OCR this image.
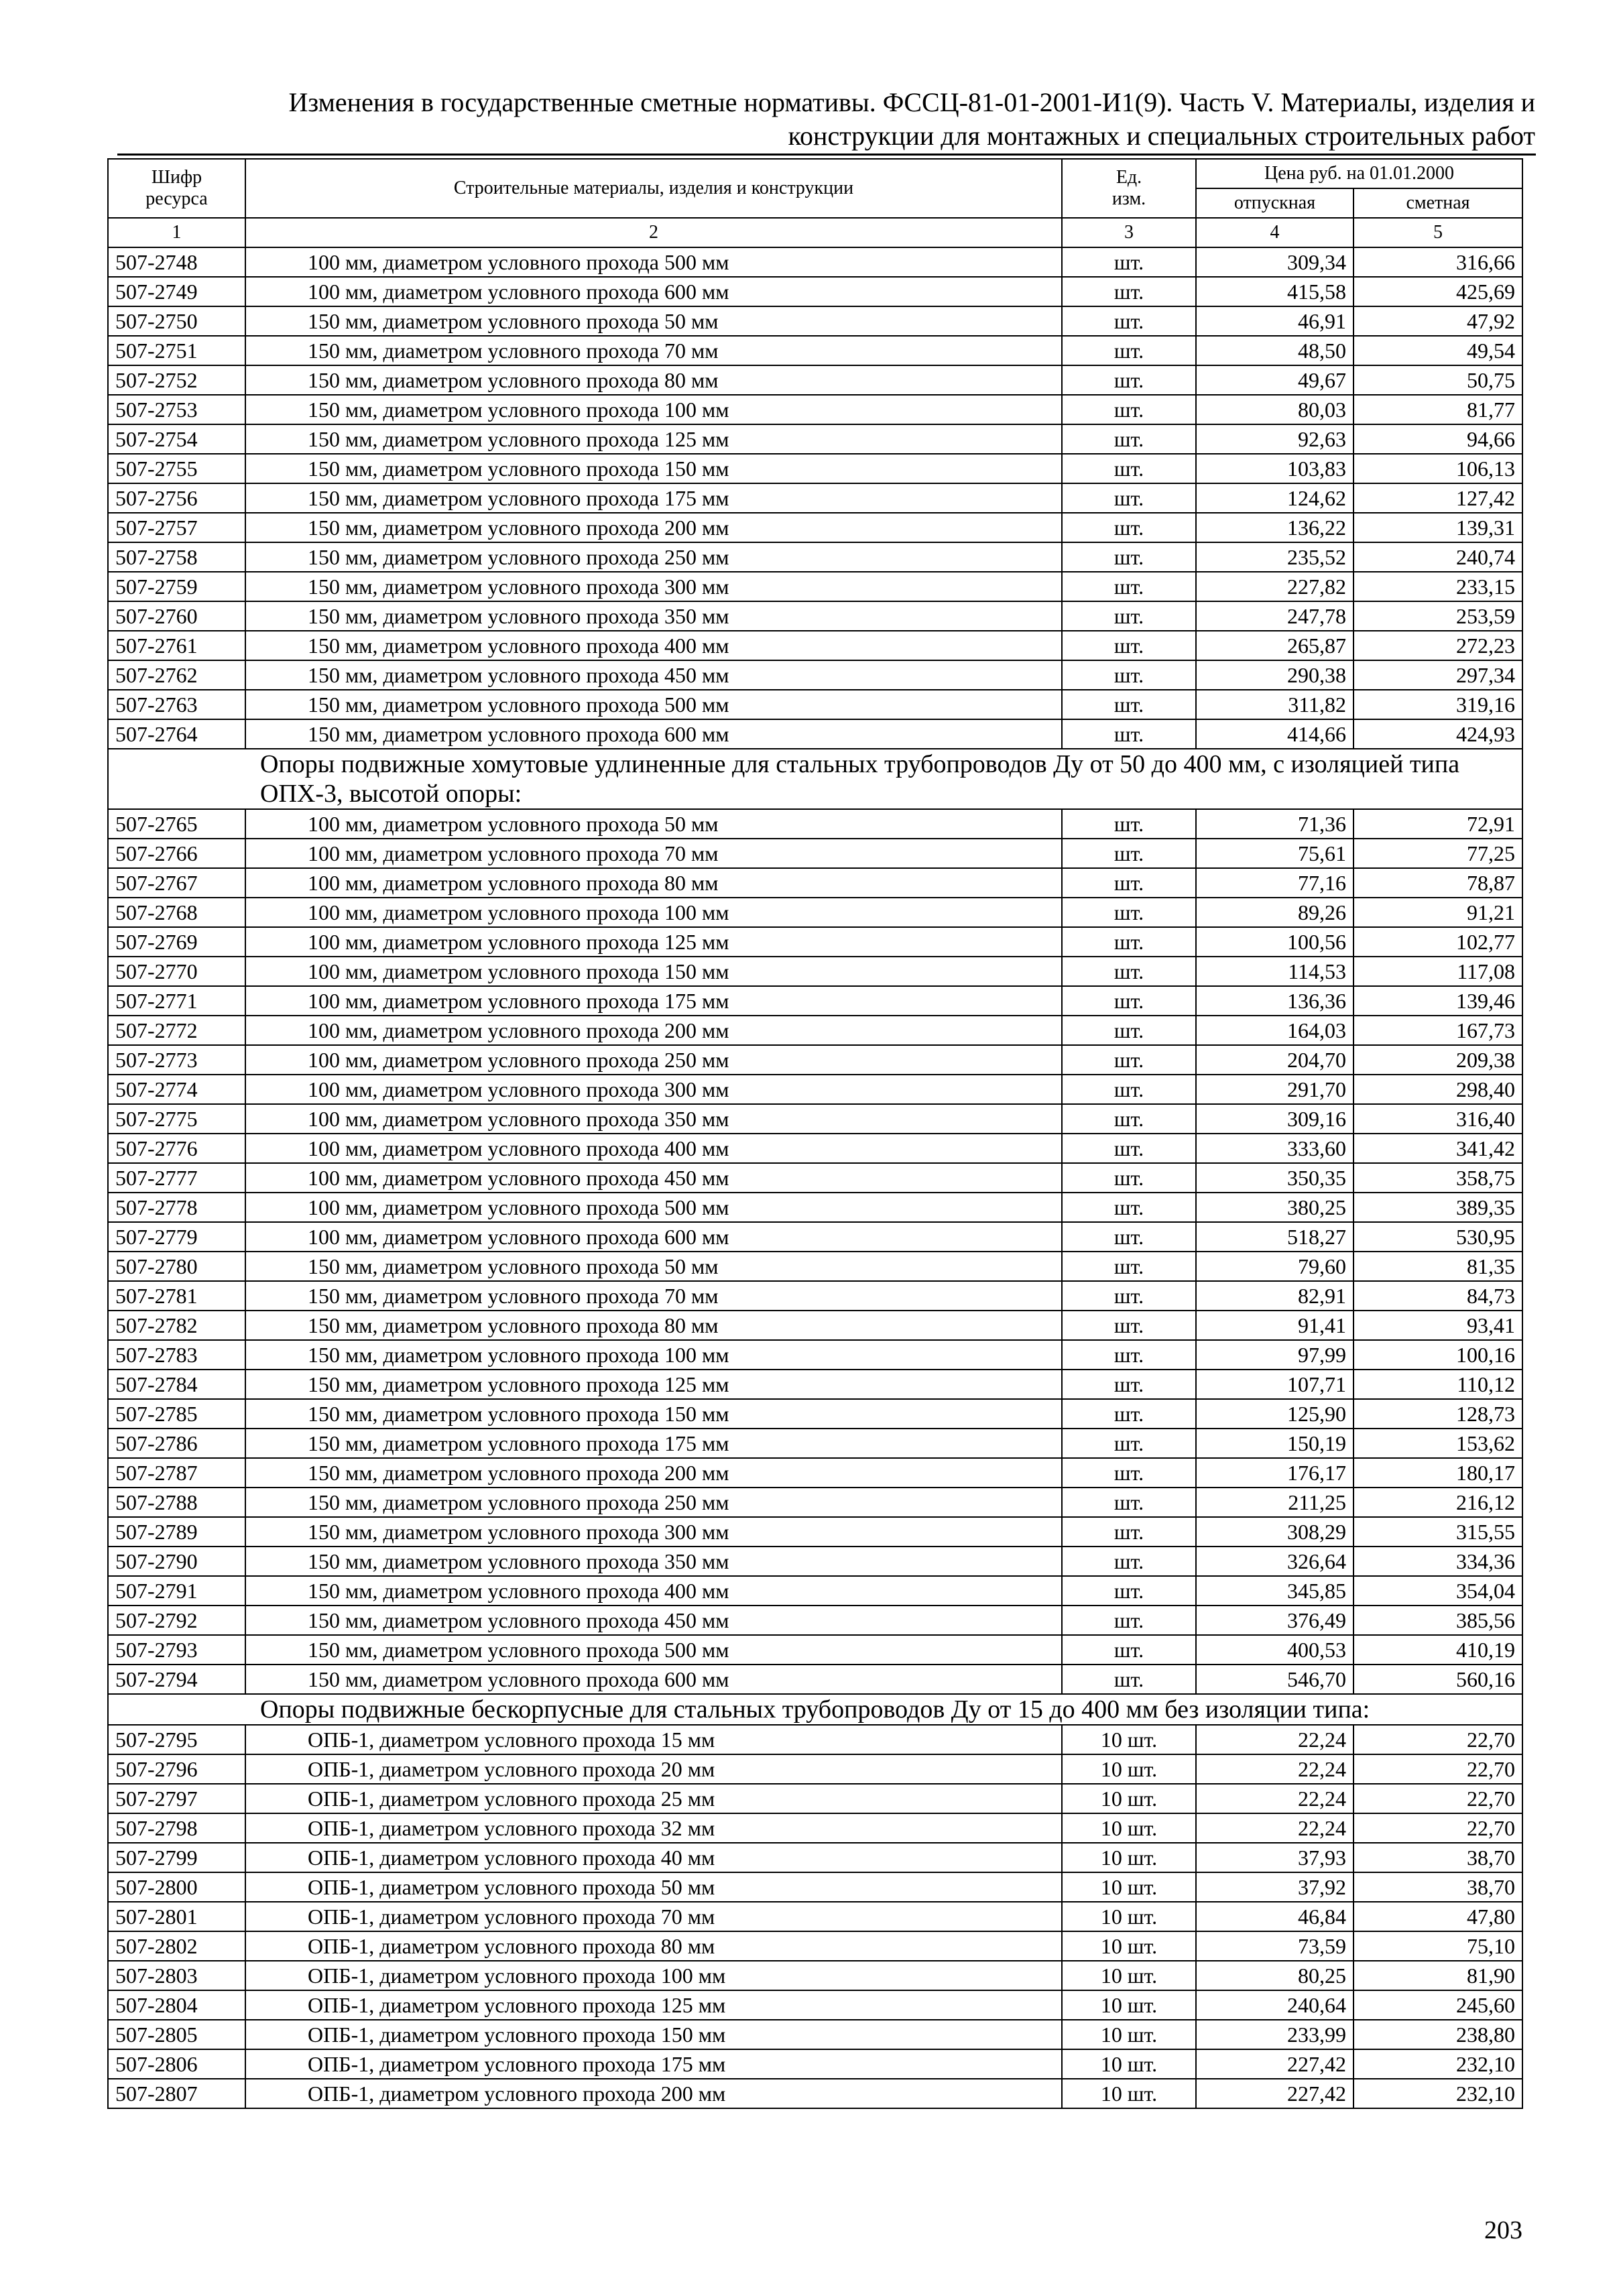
Изменения в государственные сметные нормативы. ФССЦ-81-01-2001-И1(9). Часть V. Материалы, изделия и
конструкции для монтажных и специальных строительных работ
Шифр ресурса	Строительные материалы, изделия и конструкции	Ед. изм.	Цена руб. на 01.01.2000	
			отпускная	сметная
1	2	3	4	5
507-2748	100 мм, диаметром условного прохода 500 мм	шт.	309,34	316,66
507-2749	100 мм, диаметром условного прохода 600 мм	шт.	415,58	425,69
507-2750	150 мм, диаметром условного прохода 50 мм	шт.	46,91	47,92
507-2751	150 мм, диаметром условного прохода 70 мм	шт.	48,50	49,54
507-2752	150 мм, диаметром условного прохода 80 мм	шт.	49,67	50,75
507-2753	150 мм, диаметром условного прохода 100 мм	шт.	80,03	81,77
507-2754	150 мм, диаметром условного прохода 125 мм	шт.	92,63	94,66
507-2755	150 мм, диаметром условного прохода 150 мм	шт.	103,83	106,13
507-2756	150 мм, диаметром условного прохода 175 мм	шт.	124,62	127,42
507-2757	150 мм, диаметром условного прохода 200 мм	шт.	136,22	139,31
507-2758	150 мм, диаметром условного прохода 250 мм	шт.	235,52	240,74
507-2759	150 мм, диаметром условного прохода 300 мм	шт.	227,82	233,15
507-2760	150 мм, диаметром условного прохода 350 мм	шт.	247,78	253,59
507-2761	150 мм, диаметром условного прохода 400 мм	шт.	265,87	272,23
507-2762	150 мм, диаметром условного прохода 450 мм	шт.	290,38	297,34
507-2763	150 мм, диаметром условного прохода 500 мм	шт.	311,82	319,16
507-2764	150 мм, диаметром условного прохода 600 мм	шт.	414,66	424,93
Опоры подвижные хомутовые удлиненные для стальных трубопроводов Ду от 50 до 400 мм, с изоляцией типа ОПХ-3, высотой опоры:				
507-2765	100 мм, диаметром условного прохода 50 мм	шт.	71,36	72,91
507-2766	100 мм, диаметром условного прохода 70 мм	шт.	75,61	77,25
507-2767	100 мм, диаметром условного прохода 80 мм	шт.	77,16	78,87
507-2768	100 мм, диаметром условного прохода 100 мм	шт.	89,26	91,21
507-2769	100 мм, диаметром условного прохода 125 мм	шт.	100,56	102,77
507-2770	100 мм, диаметром условного прохода 150 мм	шт.	114,53	117,08
507-2771	100 мм, диаметром условного прохода 175 мм	шт.	136,36	139,46
507-2772	100 мм, диаметром условного прохода 200 мм	шт.	164,03	167,73
507-2773	100 мм, диаметром условного прохода 250 мм	шт.	204,70	209,38
507-2774	100 мм, диаметром условного прохода 300 мм	шт.	291,70	298,40
507-2775	100 мм, диаметром условного прохода 350 мм	шт.	309,16	316,40
507-2776	100 мм, диаметром условного прохода 400 мм	шт.	333,60	341,42
507-2777	100 мм, диаметром условного прохода 450 мм	шт.	350,35	358,75
507-2778	100 мм, диаметром условного прохода 500 мм	шт.	380,25	389,35
507-2779	100 мм, диаметром условного прохода 600 мм	шт.	518,27	530,95
507-2780	150 мм, диаметром условного прохода 50 мм	шт.	79,60	81,35
507-2781	150 мм, диаметром условного прохода 70 мм	шт.	82,91	84,73
507-2782	150 мм, диаметром условного прохода 80 мм	шт.	91,41	93,41
507-2783	150 мм, диаметром условного прохода 100 мм	шт.	97,99	100,16
507-2784	150 мм, диаметром условного прохода 125 мм	шт.	107,71	110,12
507-2785	150 мм, диаметром условного прохода 150 мм	шт.	125,90	128,73
507-2786	150 мм, диаметром условного прохода 175 мм	шт.	150,19	153,62
507-2787	150 мм, диаметром условного прохода 200 мм	шт.	176,17	180,17
507-2788	150 мм, диаметром условного прохода 250 мм	шт.	211,25	216,12
507-2789	150 мм, диаметром условного прохода 300 мм	шт.	308,29	315,55
507-2790	150 мм, диаметром условного прохода 350 мм	шт.	326,64	334,36
507-2791	150 мм, диаметром условного прохода 400 мм	шт.	345,85	354,04
507-2792	150 мм, диаметром условного прохода 450 мм	шт.	376,49	385,56
507-2793	150 мм, диаметром условного прохода 500 мм	шт.	400,53	410,19
507-2794	150 мм, диаметром условного прохода 600 мм	шт.	546,70	560,16
Опоры подвижные бескорпусные для стальных трубопроводов Ду от 15 до 400 мм без изоляции типа:				
507-2795	ОПБ-1, диаметром условного прохода 15 мм	10 шт.	22,24	22,70
507-2796	ОПБ-1, диаметром условного прохода 20 мм	10 шт.	22,24	22,70
507-2797	ОПБ-1, диаметром условного прохода 25 мм	10 шт.	22,24	22,70
507-2798	ОПБ-1, диаметром условного прохода 32 мм	10 шт.	22,24	22,70
507-2799	ОПБ-1, диаметром условного прохода 40 мм	10 шт.	37,93	38,70
507-2800	ОПБ-1, диаметром условного прохода 50 мм	10 шт.	37,92	38,70
507-2801	ОПБ-1, диаметром условного прохода 70 мм	10 шт.	46,84	47,80
507-2802	ОПБ-1, диаметром условного прохода 80 мм	10 шт.	73,59	75,10
507-2803	ОПБ-1, диаметром условного прохода 100 мм	10 шт.	80,25	81,90
507-2804	ОПБ-1, диаметром условного прохода 125 мм	10 шт.	240,64	245,60
507-2805	ОПБ-1, диаметром условного прохода 150 мм	10 шт.	233,99	238,80
507-2806	ОПБ-1, диаметром условного прохода 175 мм	10 шт.	227,42	232,10
507-2807	ОПБ-1, диаметром условного прохода 200 мм	10 шт.	227,42	232,10
203
